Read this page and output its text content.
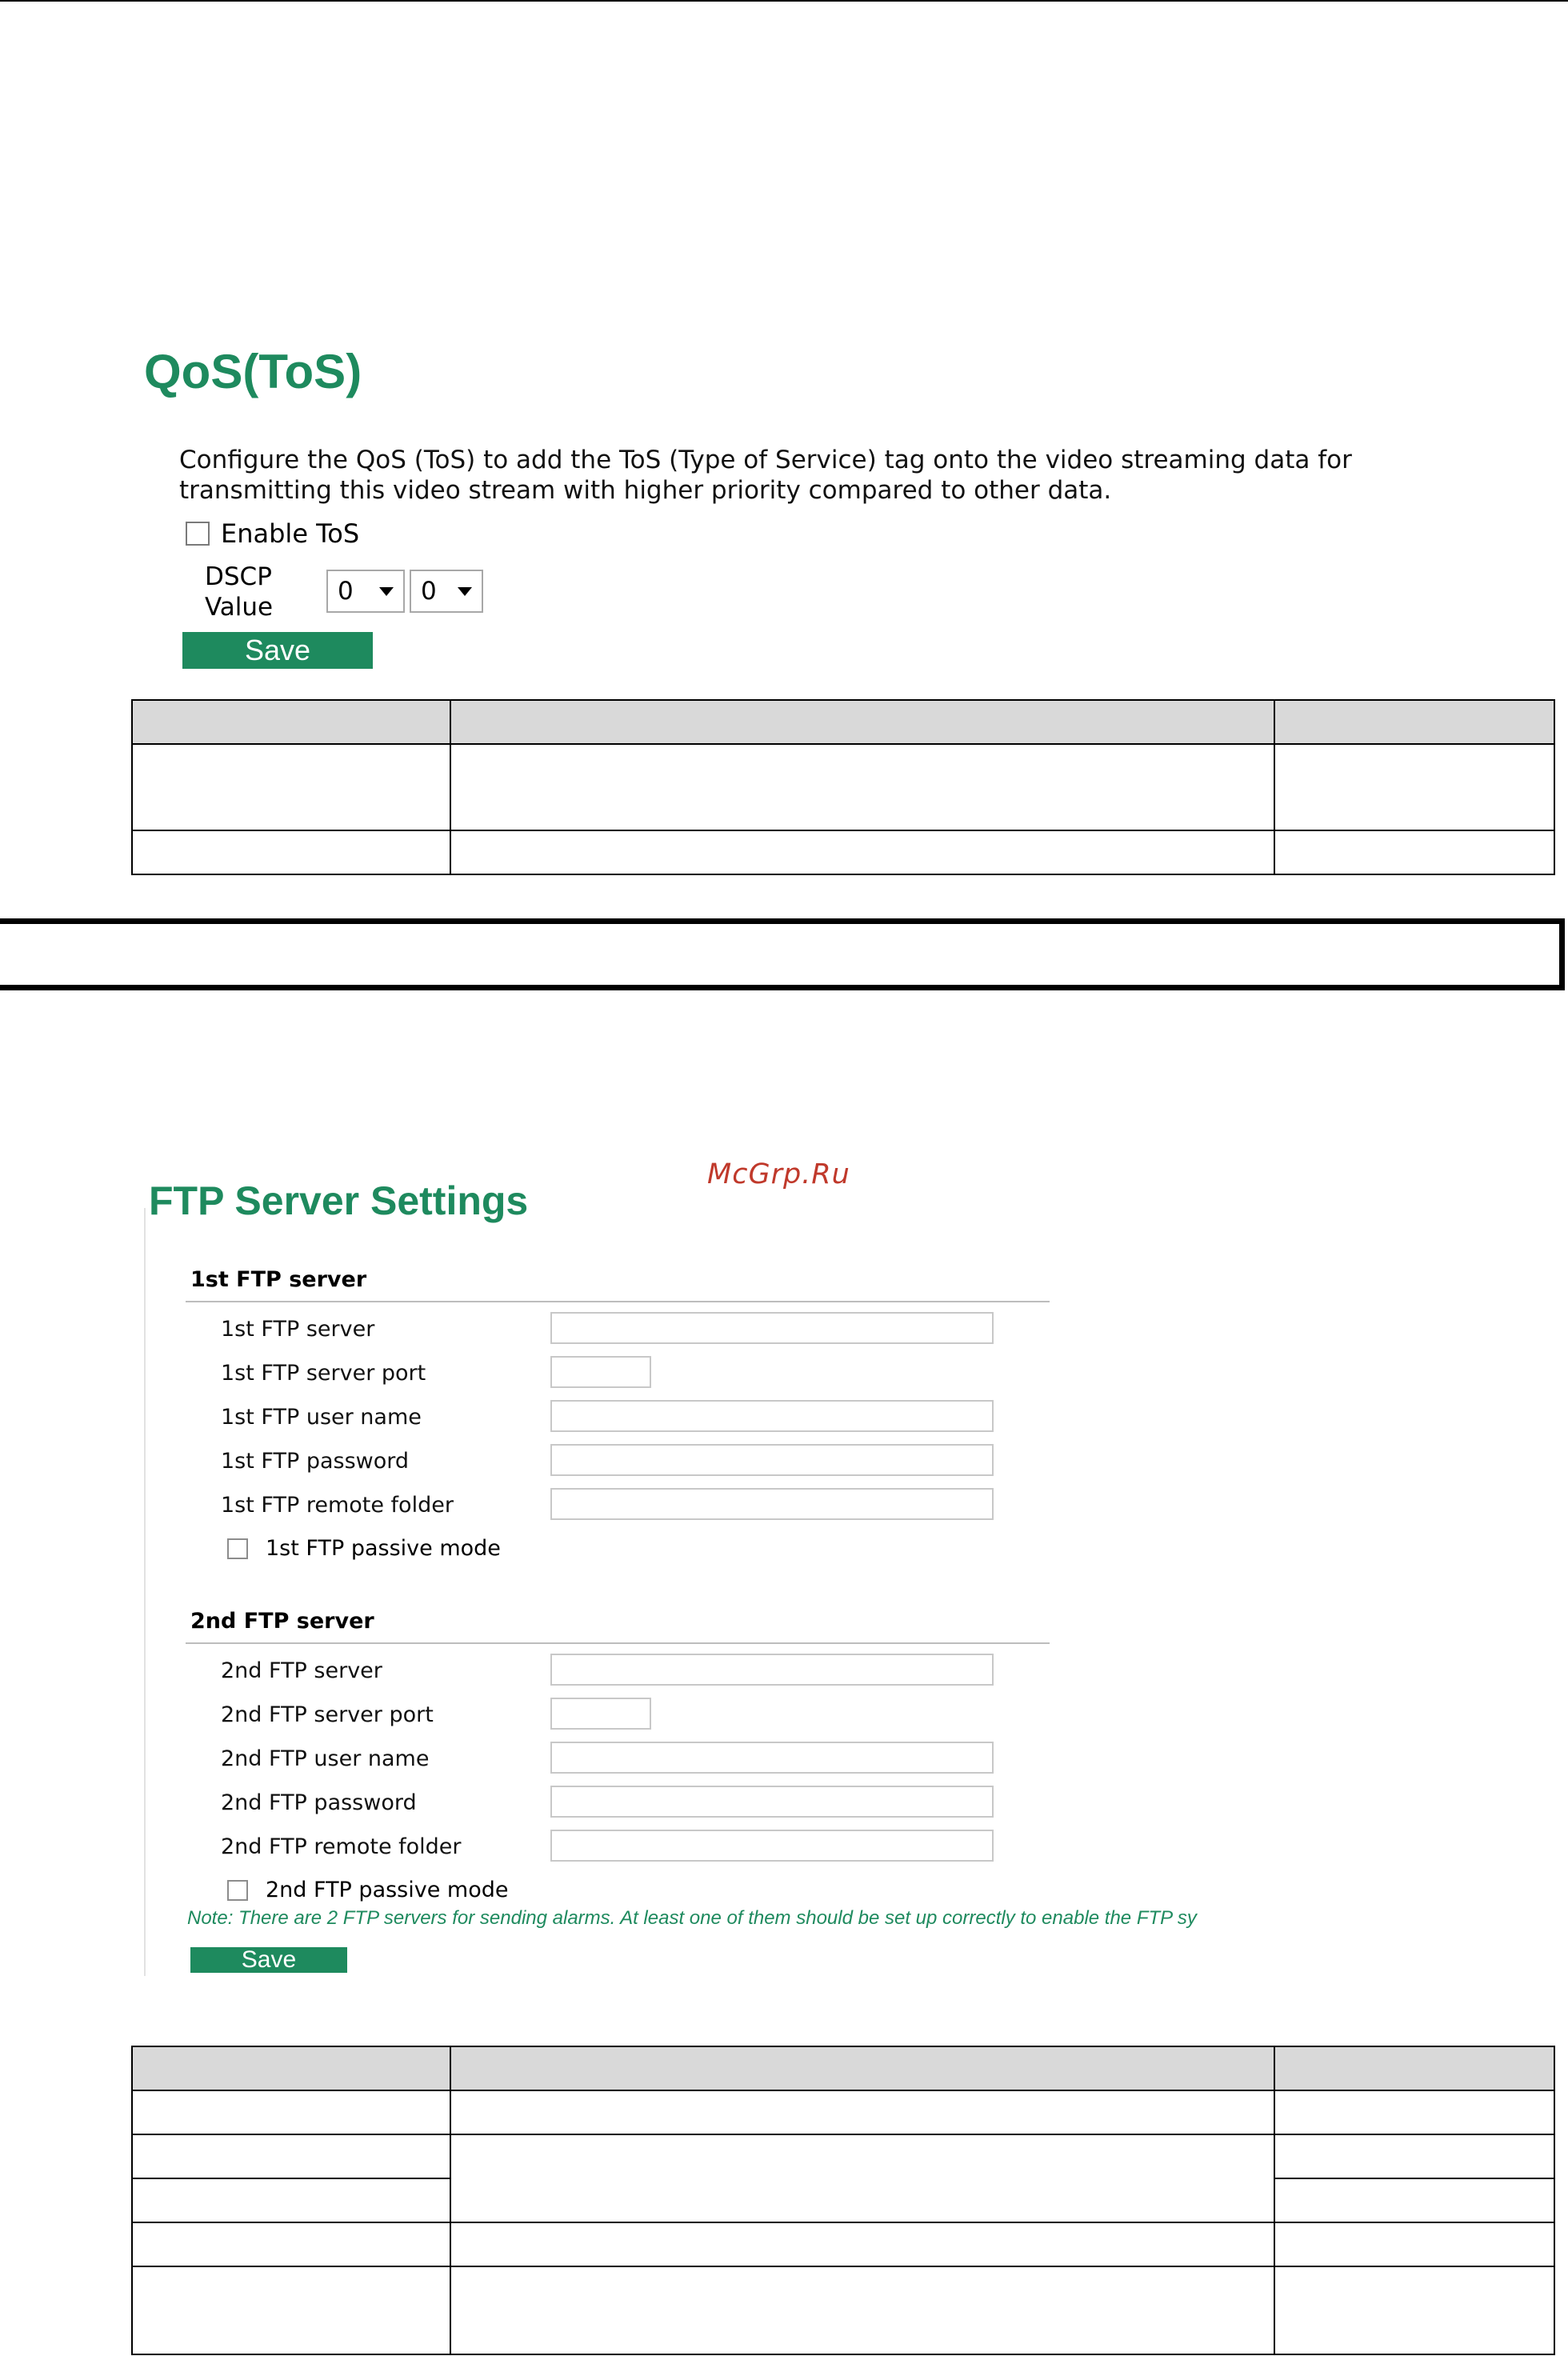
QoS(ToS)
Configure the QoS (ToS) to add the ToS (Type of Service) tag onto the video streaming data for transmitting this video stream with higher priority compared to other data.
Enable ToS
DSCP
Value
0	0
Save

McGrp.Ru
FTP Server Settings
1st FTP server
1st FTP server
1st FTP server port
1st FTP user name
1st FTP password
1st FTP remote folder
1st FTP passive mode
2nd FTP server
2nd FTP server
2nd FTP server port
2nd FTP user name
2nd FTP password
2nd FTP remote folder
2nd FTP passive mode
Note: There are 2 FTP servers for sending alarms. At least one of them should be set up correctly to enable the FTP sy
Save
